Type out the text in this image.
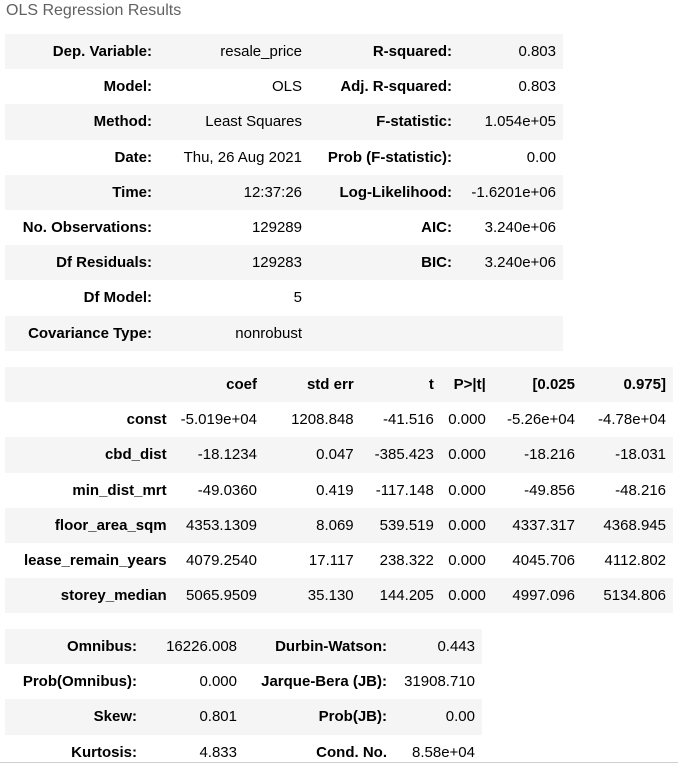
OLS Regression Results
Dep. Variable:	resale_price	R-squared:	0.803
Model:	OLS	Adj. R-squared:	0.803
Method:	Least Squares	F-statistic:	1.054e+05
Date:	Thu, 26 Aug 2021	Prob (F-statistic):	0.00
Time:	12:37:26	Log-Likelihood:	-1.6201e+06
No. Observations:	129289	AIC:	3.240e+06
Df Residuals:	129283	BIC:	3.240e+06
Df Model:	5		
Covariance Type:	nonrobust		
	coef	std err	t	P>|t|	[0.025	0.975]
const	-5.019e+04	1208.848	-41.516	0.000	-5.26e+04	-4.78e+04
cbd_dist	-18.1234	0.047	-385.423	0.000	-18.216	-18.031
min_dist_mrt	-49.0360	0.419	-117.148	0.000	-49.856	-48.216
floor_area_sqm	4353.1309	8.069	539.519	0.000	4337.317	4368.945
lease_remain_years	4079.2540	17.117	238.322	0.000	4045.706	4112.802
storey_median	5065.9509	35.130	144.205	0.000	4997.096	5134.806
Omnibus:	16226.008	Durbin-Watson:	0.443
Prob(Omnibus):	0.000	Jarque-Bera (JB):	31908.710
Skew:	0.801	Prob(JB):	0.00
Kurtosis:	4.833	Cond. No.	8.58e+04
